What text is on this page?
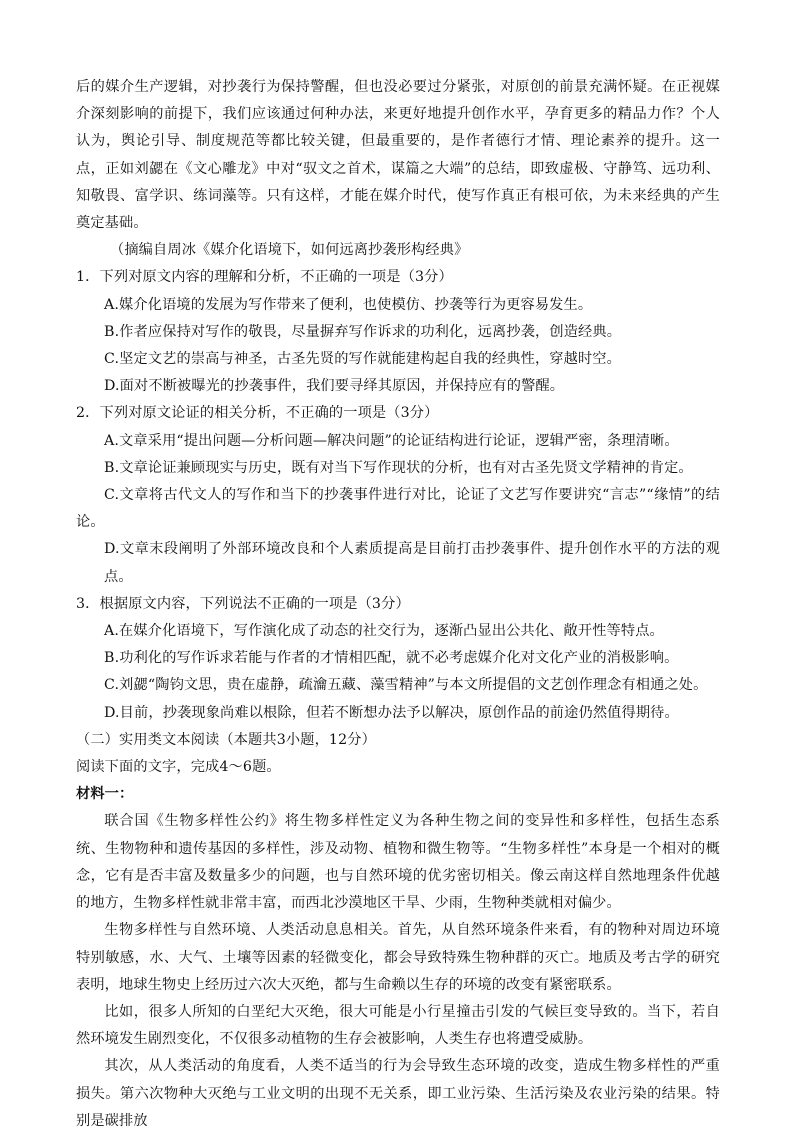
后的媒介生产逻辑，对抄袭行为保持警醒，但也没必要过分紧张，对原创的前景充满怀疑。在正视媒介深刻影响的前提下，我们应该通过何种办法，来更好地提升创作水平，孕育更多的精品力作？个人认为，舆论引导、制度规范等都比较关键，但最重要的，是作者德行才情、理论素养的提升。这一点，正如刘勰在《文心雕龙》中对“驭文之首术，谋篇之大端”的总结，即致虚极、守静笃、远功利、知敬畏、富学识、练词藻等。只有这样，才能在媒介时代，使写作真正有根可依，为未来经典的产生奠定基础。

（摘编自周冰《媒介化语境下，如何远离抄袭形构经典》

1．下列对原文内容的理解和分析，不正确的一项是（3分）

A.媒介化语境的发展为写作带来了便利，也使模仿、抄袭等行为更容易发生。

B.作者应保持对写作的敬畏，尽量摒弃写作诉求的功利化，远离抄袭，创造经典。

C.坚定文艺的崇高与神圣，古圣先贤的写作就能建构起自我的经典性，穿越时空。

D.面对不断被曝光的抄袭事件，我们要寻绎其原因，并保持应有的警醒。

2．下列对原文论证的相关分析，不正确的一项是（3分）

A.文章采用“提出问题—分析问题—解决问题”的论证结构进行论证，逻辑严密，条理清晰。

B.文章论证兼顾现实与历史，既有对当下写作现状的分析，也有对古圣先贤文学精神的肯定。

C.文章将古代文人的写作和当下的抄袭事件进行对比，论证了文艺写作要讲究“言志”“缘情”的结论。

D.文章末段阐明了外部环境改良和个人素质提高是目前打击抄袭事件、提升创作水平的方法的观点。

3．根据原文内容，下列说法不正确的一项是（3分）

A.在媒介化语境下，写作演化成了动态的社交行为，逐渐凸显出公共化、敞开性等特点。

B.功利化的写作诉求若能与作者的才情相匹配，就不必考虑媒介化对文化产业的消极影响。

C.刘勰“陶钧文思，贵在虚静，疏瀹五藏、藻雪精神”与本文所提倡的文艺创作理念有相通之处。

D.目前，抄袭现象尚难以根除，但若不断想办法予以解决，原创作品的前途仍然值得期待。

（二）实用类文本阅读（本题共3小题，12分）

阅读下面的文字，完成4～6题。

材料一：

联合国《生物多样性公约》将生物多样性定义为各种生物之间的变异性和多样性，包括生态系统、生物物种和遗传基因的多样性，涉及动物、植物和微生物等。“生物多样性”本身是一个相对的概念，它有是否丰富及数量多少的问题，也与自然环境的优劣密切相关。像云南这样自然地理条件优越的地方，生物多样性就非常丰富，而西北沙漠地区干旱、少雨，生物种类就相对偏少。

生物多样性与自然环境、人类活动息息相关。首先，从自然环境条件来看，有的物种对周边环境特别敏感，水、大气、土壤等因素的轻微变化，都会导致特殊生物种群的灭亡。地质及考古学的研究表明，地球生物史上经历过六次大灭绝，都与生命赖以生存的环境的改变有紧密联系。

比如，很多人所知的白垩纪大灭绝，很大可能是小行星撞击引发的气候巨变导致的。当下，若自然环境发生剧烈变化，不仅很多动植物的生存会被影响，人类生存也将遭受威胁。

其次，从人类活动的角度看，人类不适当的行为会导致生态环境的改变，造成生物多样性的严重损失。第六次物种大灭绝与工业文明的出现不无关系，即工业污染、生活污染及农业污染的结果。特别是碳排放
